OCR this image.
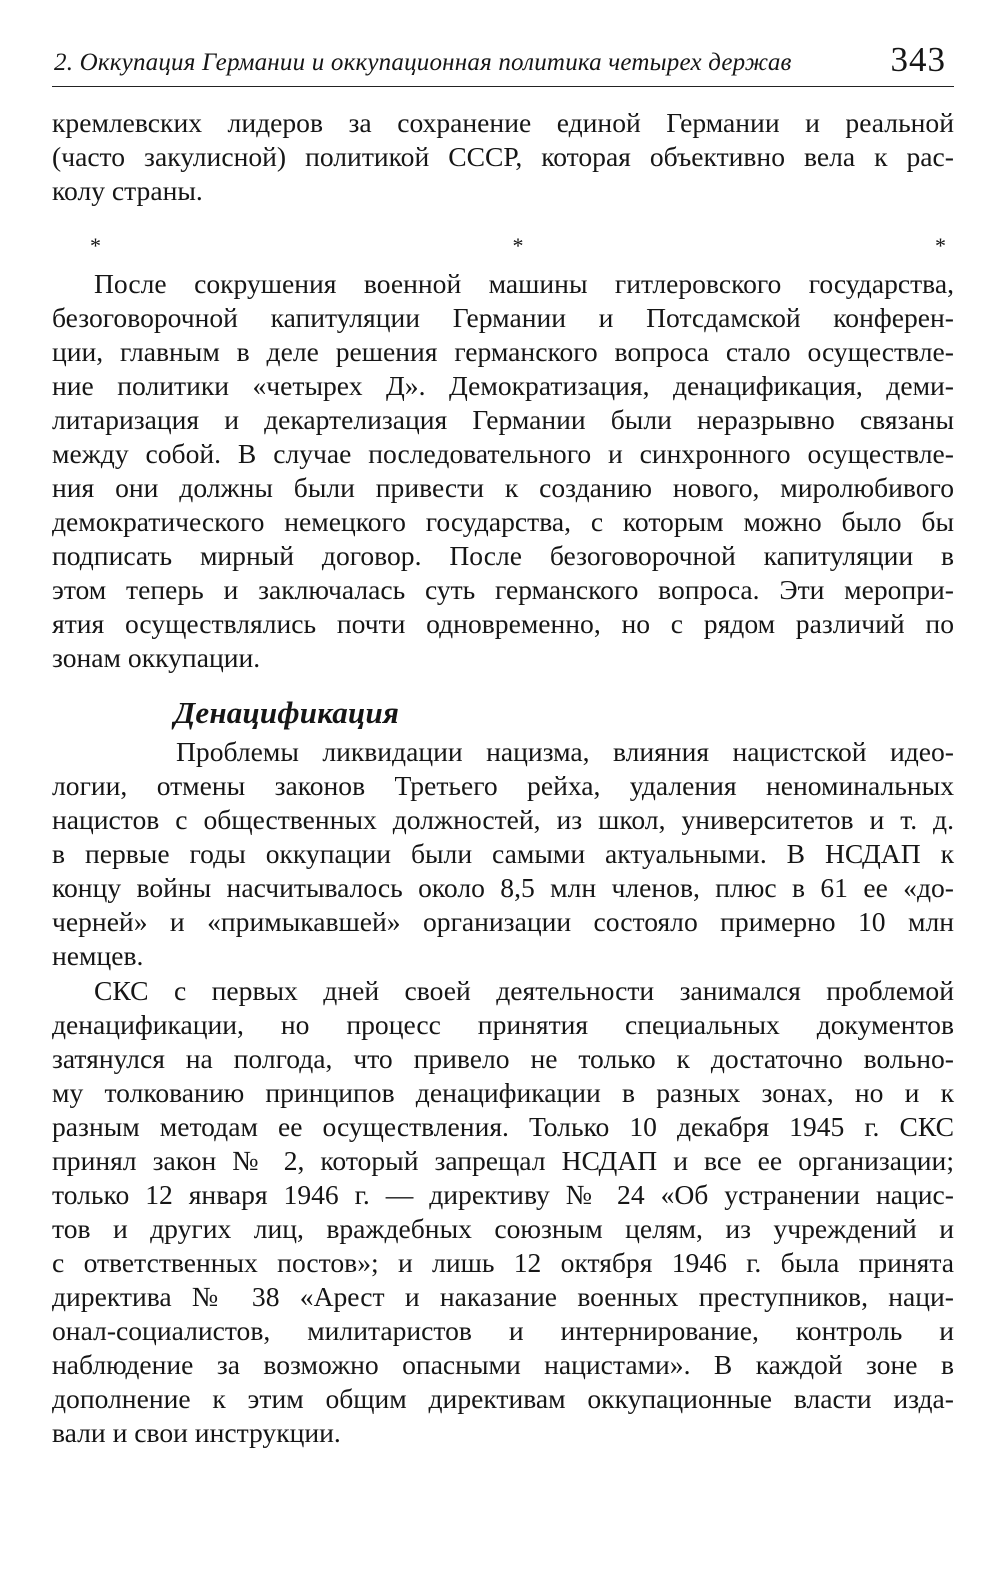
2. Оккупация Германии и оккупационная политика четырех держав	343
кремлевских лидеров за сохранение единой Германии и реальной
(часто закулисной) политикой СССР, которая объективно вела к рас-
колу страны.
* * *
После сокрушения военной машины гитлеровского государства,
безоговорочной капитуляции Германии и Потсдамской конферен-
ции, главным в деле решения германского вопроса стало осуществле-
ние политики «четырех Д». Демократизация, денацификация, деми-
литаризация и декартелизация Германии были неразрывно связаны
между собой. В случае последовательного и синхронного осуществле-
ния они должны были привести к созданию нового, миролюбивого
демократического немецкого государства, с которым можно было бы
подписать мирный договор. После безоговорочной капитуляции в
этом теперь и заключалась суть германского вопроса. Эти меропри-
ятия осуществлялись почти одновременно, но с рядом различий по
зонам оккупации.
Денацификация
Проблемы ликвидации нацизма, влияния нацистской идео-
логии, отмены законов Третьего рейха, удаления неноминальных
нацистов с общественных должностей, из школ, университетов и т. д.
в первые годы оккупации были самыми актуальными. В НСДАП к
концу войны насчитывалось около 8,5 млн членов, плюс в 61 ее «до-
черней» и «примыкавшей» организации состояло примерно 10 млн
немцев.
СКС с первых дней своей деятельности занимался проблемой
денацификации, но процесс принятия специальных документов
затянулся на полгода, что привело не только к достаточно вольно-
му толкованию принципов денацификации в разных зонах, но и к
разным методам ее осуществления. Только 10 декабря 1945 г. СКС
принял закон № 2, который запрещал НСДАП и все ее организации;
только 12 января 1946 г. — директиву № 24 «Об устранении нацис-
тов и других лиц, враждебных союзным целям, из учреждений и
с ответственных постов»; и лишь 12 октября 1946 г. была принята
директива № 38 «Арест и наказание военных преступников, наци-
онал-социалистов, милитаристов и интернирование, контроль и
наблюдение за возможно опасными нацистами». В каждой зоне в
дополнение к этим общим директивам оккупационные власти изда-
вали и свои инструкции.
